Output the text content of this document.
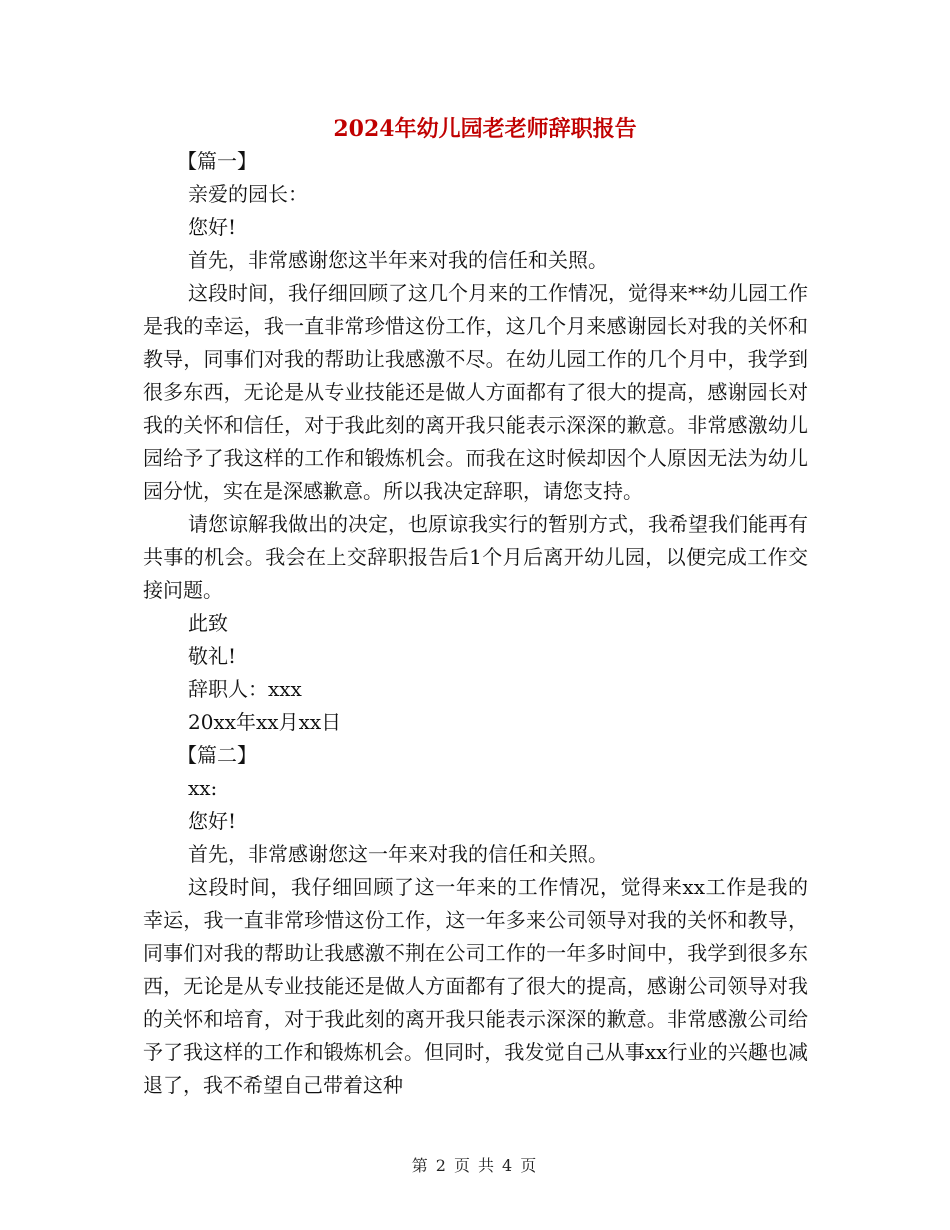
2024年幼儿园老老师辞职报告

【篇一】

亲爱的园长：

您好!

首先，非常感谢您这半年来对我的信任和关照。

这段时间，我仔细回顾了这几个月来的工作情况，觉得来**幼儿园工作是我的幸运，我一直非常珍惜这份工作，这几个月来感谢园长对我的关怀和教导，同事们对我的帮助让我感激不尽。在幼儿园工作的几个月中，我学到很多东西，无论是从专业技能还是做人方面都有了很大的提高，感谢园长对我的关怀和信任，对于我此刻的离开我只能表示深深的歉意。非常感激幼儿园给予了我这样的工作和锻炼机会。而我在这时候却因个人原因无法为幼儿园分忧，实在是深感歉意。所以我决定辞职，请您支持。

请您谅解我做出的决定，也原谅我实行的暂别方式，我希望我们能再有共事的机会。我会在上交辞职报告后1个月后离开幼儿园，以便完成工作交接问题。

此致

敬礼!

辞职人：xxx

20xx年xx月xx日

【篇二】

xx:

您好!

首先，非常感谢您这一年来对我的信任和关照。

这段时间，我仔细回顾了这一年来的工作情况，觉得来xx工作是我的幸运，我一直非常珍惜这份工作，这一年多来公司领导对我的关怀和教导，同事们对我的帮助让我感激不荆在公司工作的一年多时间中，我学到很多东西，无论是从专业技能还是做人方面都有了很大的提高，感谢公司领导对我的关怀和培育，对于我此刻的离开我只能表示深深的歉意。非常感激公司给予了我这样的工作和锻炼机会。但同时，我发觉自己从事xx行业的兴趣也减退了，我不希望自己带着这种

第 2 页 共 4 页
